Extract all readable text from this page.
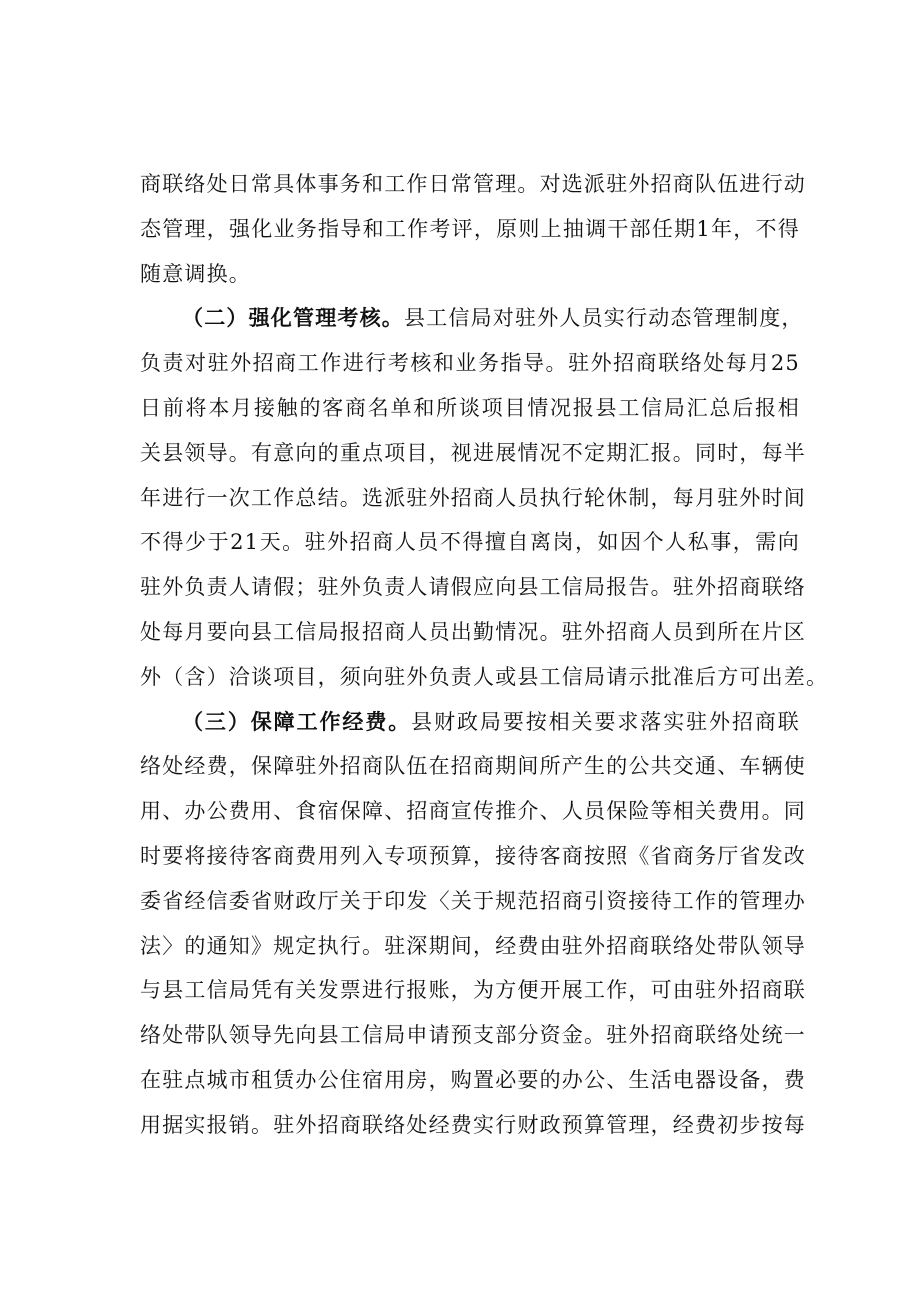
商联络处日常具体事务和工作日常管理。对选派驻外招商队伍进行动
态管理，强化业务指导和工作考评，原则上抽调干部任期1年，不得
随意调换。
（二）强化管理考核。县工信局对驻外人员实行动态管理制度，
负责对驻外招商工作进行考核和业务指导。驻外招商联络处每月25
日前将本月接触的客商名单和所谈项目情况报县工信局汇总后报相
关县领导。有意向的重点项目，视进展情况不定期汇报。同时，每半
年进行一次工作总结。选派驻外招商人员执行轮休制，每月驻外时间
不得少于21天。驻外招商人员不得擅自离岗，如因个人私事，需向
驻外负责人请假；驻外负责人请假应向县工信局报告。驻外招商联络
处每月要向县工信局报招商人员出勤情况。驻外招商人员到所在片区
外（含）洽谈项目，须向驻外负责人或县工信局请示批准后方可出差。
（三）保障工作经费。县财政局要按相关要求落实驻外招商联
络处经费，保障驻外招商队伍在招商期间所产生的公共交通、车辆使
用、办公费用、食宿保障、招商宣传推介、人员保险等相关费用。同
时要将接待客商费用列入专项预算，接待客商按照《省商务厅省发改
委省经信委省财政厅关于印发〈关于规范招商引资接待工作的管理办
法〉的通知》规定执行。驻深期间，经费由驻外招商联络处带队领导
与县工信局凭有关发票进行报账，为方便开展工作，可由驻外招商联
络处带队领导先向县工信局申请预支部分资金。驻外招商联络处统一
在驻点城市租赁办公住宿用房，购置必要的办公、生活电器设备，费
用据实报销。驻外招商联络处经费实行财政预算管理，经费初步按每
